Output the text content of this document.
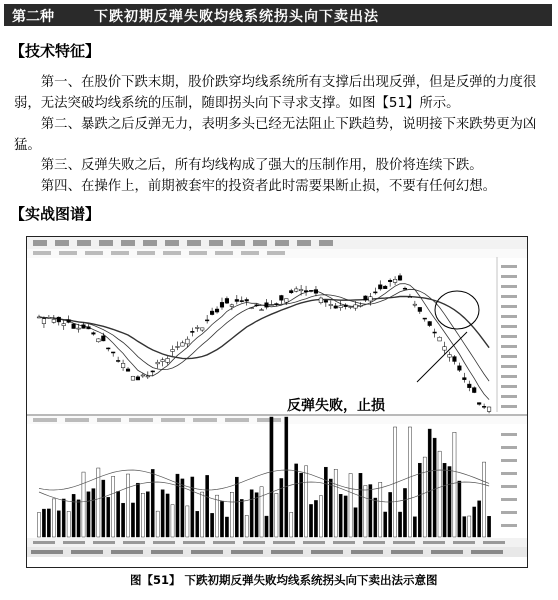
第二种	下跌初期反弹失败均线系统拐头向下卖出法
【技术特征】
第一、在股价下跌末期，股价跌穿均线系统所有支撑后出现反弹，但是反弹的力度很弱，无法突破均线系统的压制，随即拐头向下寻求支撑。如图【51】所示。
第二、暴跌之后反弹无力，表明多头已经无法阻止下跌趋势，说明接下来跌势更为凶猛。
第三、反弹失败之后，所有均线构成了强大的压制作用，股价将连续下跌。
第四、在操作上，前期被套牢的投资者此时需要果断止损，不要有任何幻想。
【实战图谱】
反弹失败，止损
图【51】 下跌初期反弹失败均线系统拐头向下卖出法示意图
